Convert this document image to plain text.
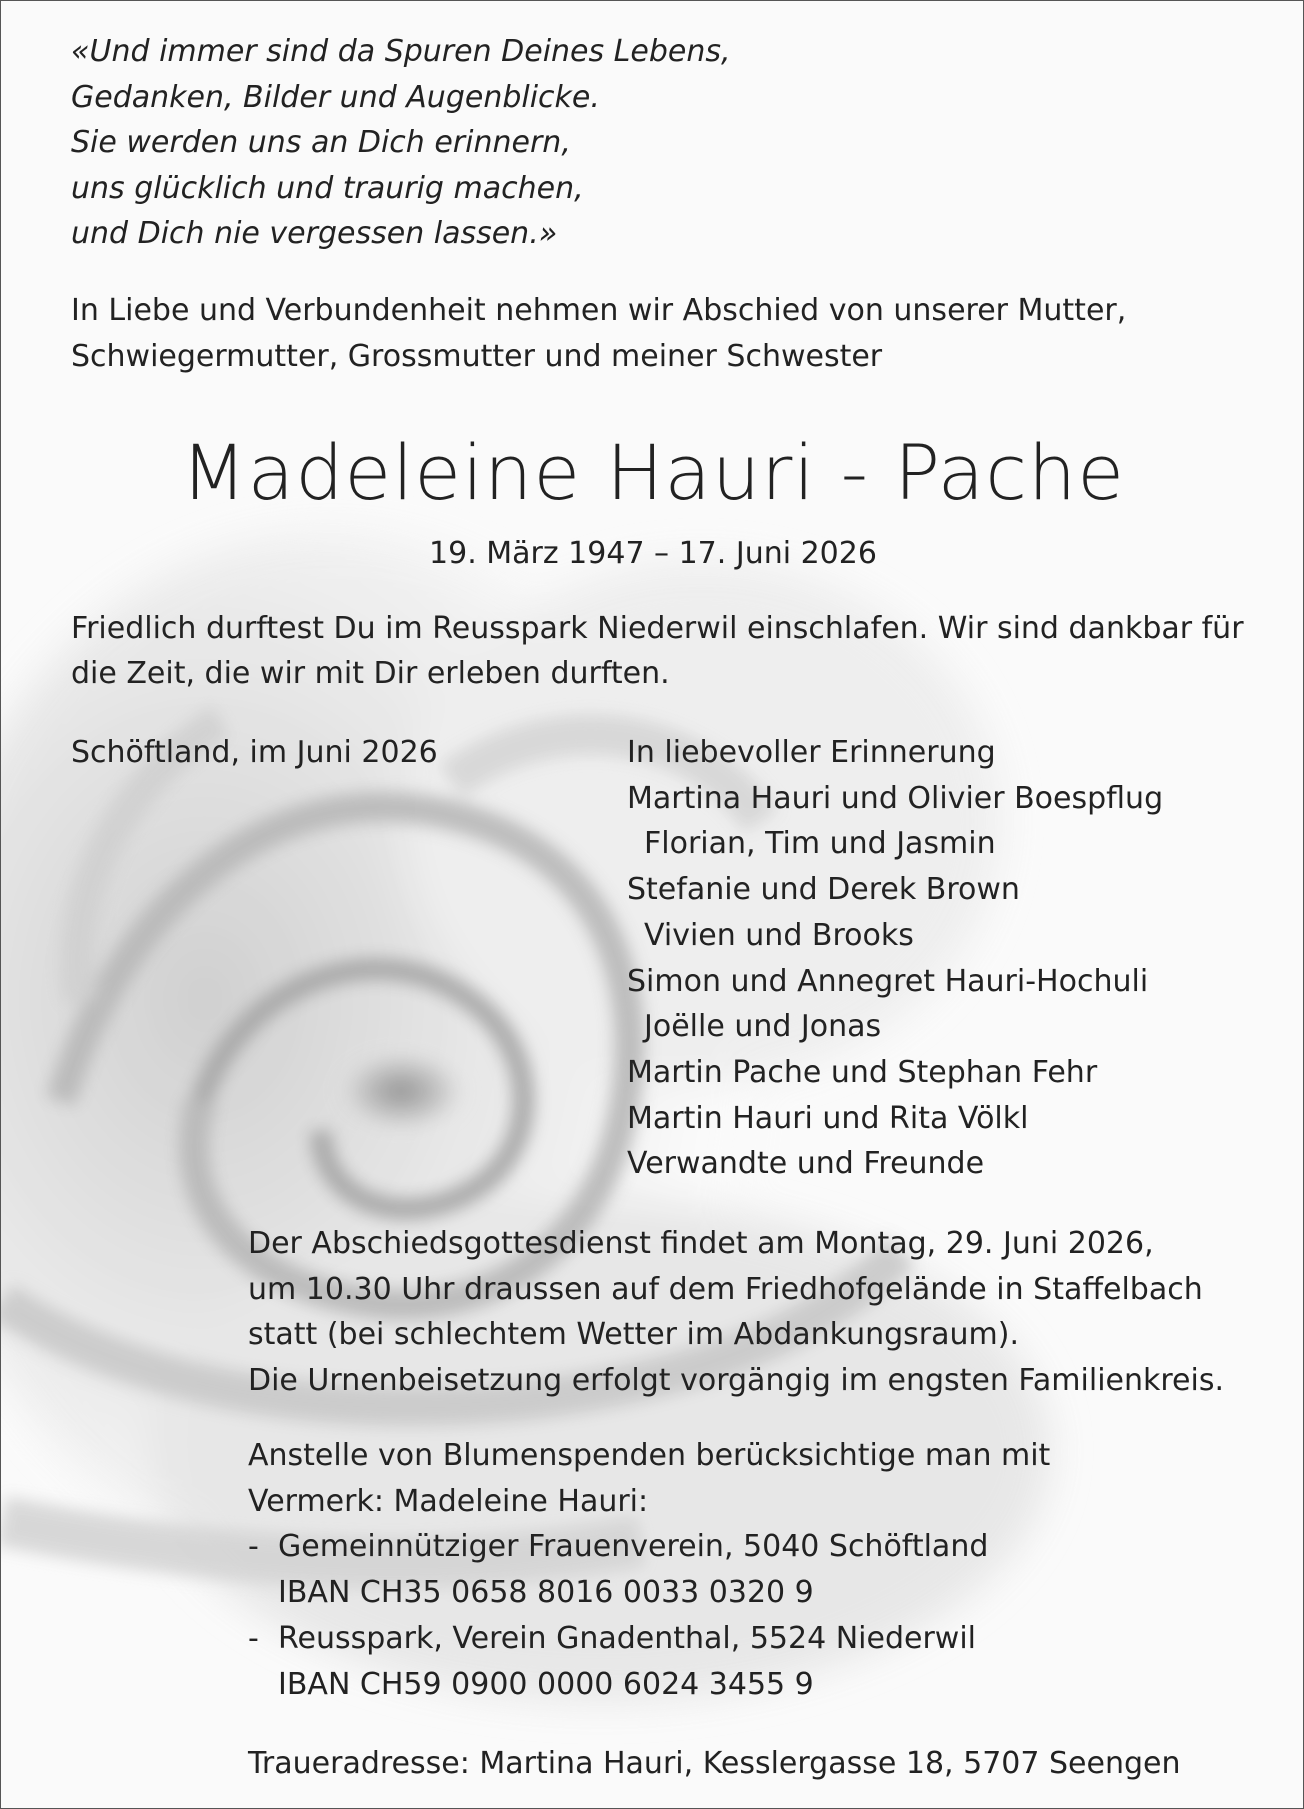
«Und immer sind da Spuren Deines Lebens,
Gedanken, Bilder und Augenblicke.
Sie werden uns an Dich erinnern,
uns glücklich und traurig machen,
und Dich nie vergessen lassen.»
In Liebe und Verbundenheit nehmen wir Abschied von unserer Mutter,
Schwiegermutter, Grossmutter und meiner Schwester
Madeleine Hauri - Pache
19. März 1947 – 17. Juni 2026
Friedlich durftest Du im Reusspark Niederwil einschlafen. Wir sind dankbar für
die Zeit, die wir mit Dir erleben durften.
Schöftland, im Juni 2026	In liebevoller Erinnerung
Martina Hauri und Olivier Boespflug
Florian, Tim und Jasmin
Stefanie und Derek Brown
Vivien und Brooks
Simon und Annegret Hauri-Hochuli
Joëlle und Jonas
Martin Pache und Stephan Fehr
Martin Hauri und Rita Völkl
Verwandte und Freunde
Der Abschiedsgottesdienst findet am Montag, 29. Juni 2026,
um 10.30 Uhr draussen auf dem Friedhofgelände in Staffelbach
statt (bei schlechtem Wetter im Abdankungsraum).
Die Urnenbeisetzung erfolgt vorgängig im engsten Familienkreis.
Anstelle von Blumenspenden berücksichtige man mit
Vermerk: Madeleine Hauri:
- Gemeinnütziger Frauenverein, 5040 Schöftland
IBAN CH35 0658 8016 0033 0320 9
- Reusspark, Verein Gnadenthal, 5524 Niederwil
IBAN CH59 0900 0000 6024 3455 9
Traueradresse: Martina Hauri, Kesslergasse 18, 5707 Seengen
